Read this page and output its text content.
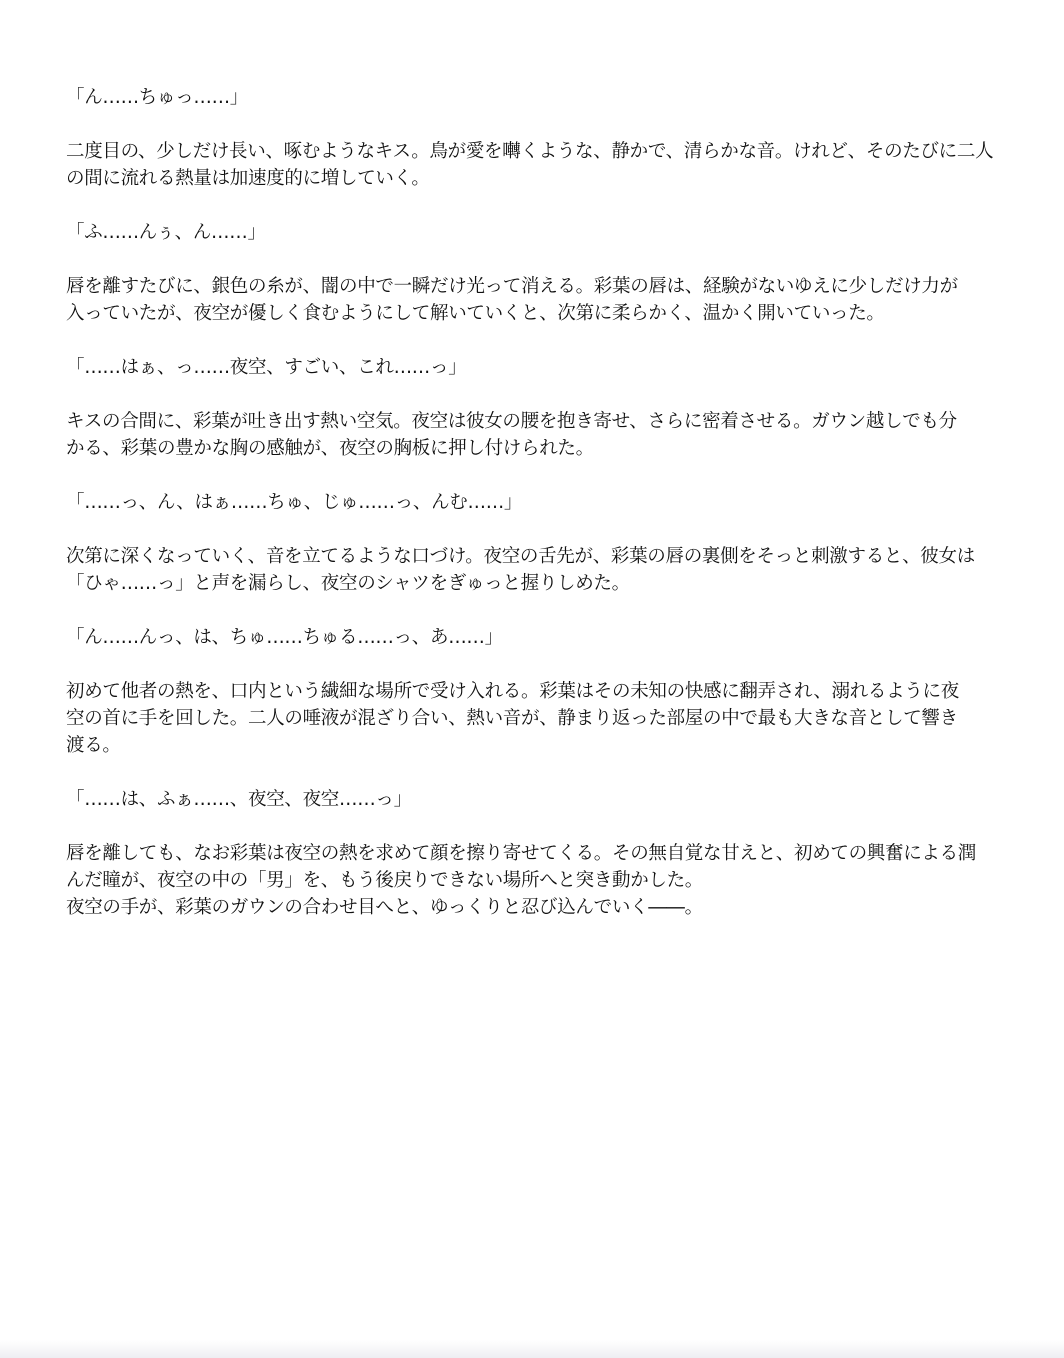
「ん……ちゅっ……」
二度目の、少しだけ長い、啄むようなキス。鳥が愛を囀くような、静かで、清らかな音。けれど、そのたびに二人
の間に流れる熱量は加速度的に増していく。
「ふ……んぅ、ん……」
唇を離すたびに、銀色の糸が、闇の中で一瞬だけ光って消える。彩葉の唇は、経験がないゆえに少しだけ力が
入っていたが、夜空が優しく食むようにして解いていくと、次第に柔らかく、温かく開いていった。
「……はぁ、っ……夜空、すごい、これ……っ」
キスの合間に、彩葉が吐き出す熱い空気。夜空は彼女の腰を抱き寄せ、さらに密着させる。ガウン越しでも分
かる、彩葉の豊かな胸の感触が、夜空の胸板に押し付けられた。
「……っ、ん、はぁ……ちゅ、じゅ……っ、んむ……」
次第に深くなっていく、音を立てるような口づけ。夜空の舌先が、彩葉の唇の裏側をそっと刺激すると、彼女は
「ひゃ……っ」と声を漏らし、夜空のシャツをぎゅっと握りしめた。
「ん……んっ、は、ちゅ……ちゅる……っ、あ……」
初めて他者の熱を、口内という繊細な場所で受け入れる。彩葉はその未知の快感に翻弄され、溺れるように夜
空の首に手を回した。二人の唾液が混ざり合い、熱い音が、静まり返った部屋の中で最も大きな音として響き
渡る。
「……は、ふぁ……、夜空、夜空……っ」
唇を離しても、なお彩葉は夜空の熱を求めて顔を擦り寄せてくる。その無自覚な甘えと、初めての興奮による潤
んだ瞳が、夜空の中の「男」を、もう後戻りできない場所へと突き動かした。
夜空の手が、彩葉のガウンの合わせ目へと、ゆっくりと忍び込んでいく――。
